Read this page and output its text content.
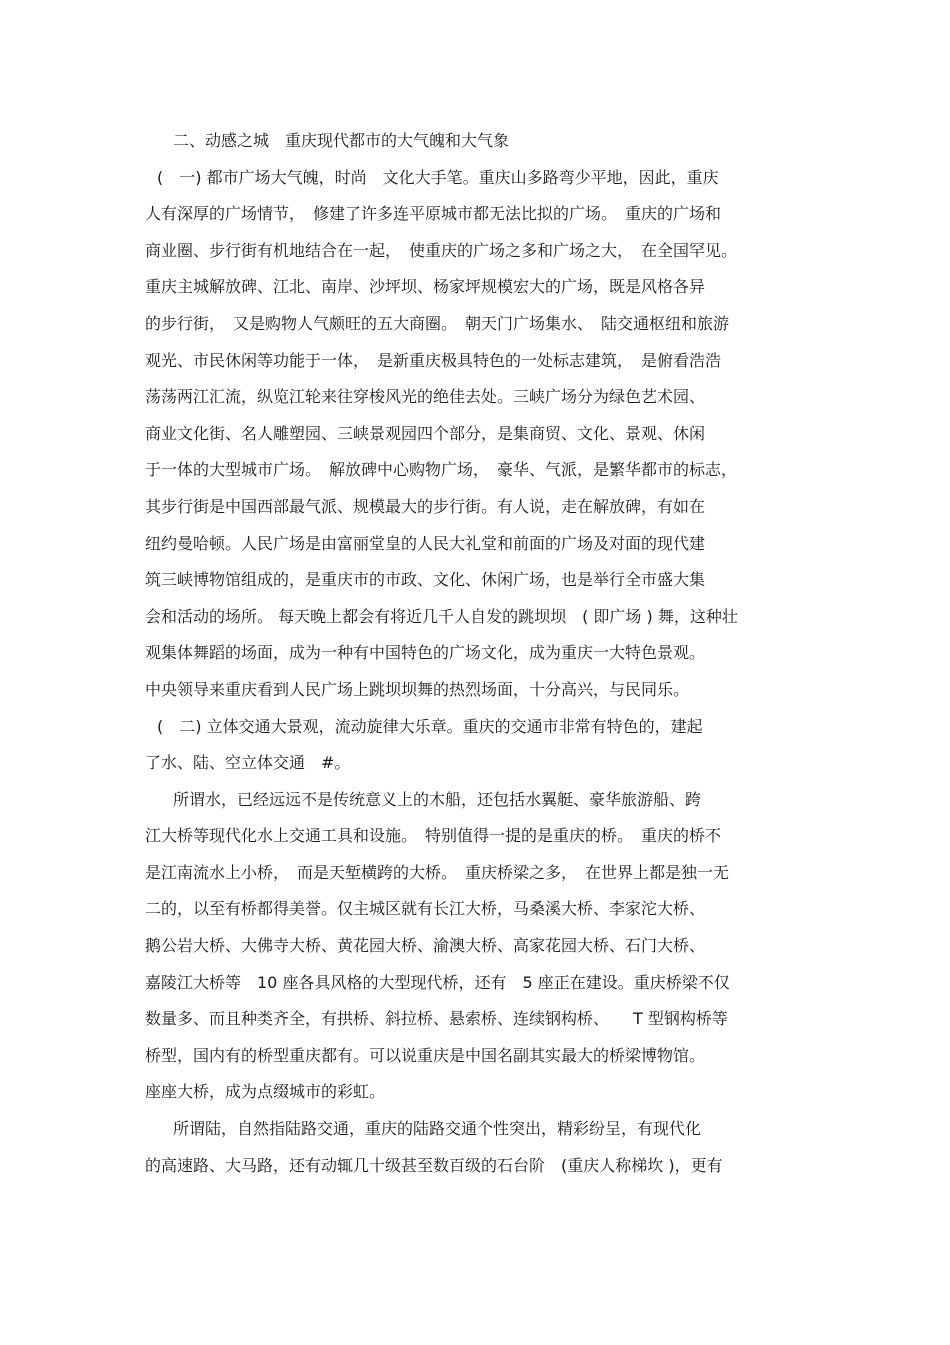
二、动感之城　重庆现代都市的大气魄和大气象
(　一) 都市广场大气魄，时尚　文化大手笔。重庆山多路弯少平地，因此，重庆
人有深厚的广场情节，　修建了许多连平原城市都无法比拟的广场。　重庆的广场和
商业圈、步行街有机地结合在一起，　使重庆的广场之多和广场之大，　在全国罕见。
重庆主城解放碑、江北、南岸、沙坪坝、杨家坪规模宏大的广场，既是风格各异
的步行街，　又是购物人气颇旺的五大商圈。　朝天门广场集水、　陆交通枢纽和旅游
观光、市民休闲等功能于一体，　是新重庆极具特色的一处标志建筑，　是俯看浩浩
荡荡两江汇流，纵览江轮来往穿梭风光的绝佳去处。三峡广场分为绿色艺术园、
商业文化街、名人雕塑园、三峡景观园四个部分，是集商贸、文化、景观、休闲
于一体的大型城市广场。　解放碑中心购物广场，　豪华、气派，是繁华都市的标志，
其步行街是中国西部最气派、规模最大的步行街。有人说，走在解放碑，有如在
纽约曼哈顿。人民广场是由富丽堂皇的人民大礼堂和前面的广场及对面的现代建
筑三峡博物馆组成的，是重庆市的市政、文化、休闲广场，也是举行全市盛大集
会和活动的场所。 每天晚上都会有将近几千人自发的跳坝坝　( 即广场 ) 舞，这种壮
观集体舞蹈的场面，成为一种有中国特色的广场文化，成为重庆一大特色景观。
中央领导来重庆看到人民广场上跳坝坝舞的热烈场面，十分高兴，与民同乐。
(　二) 立体交通大景观，流动旋律大乐章。重庆的交通市非常有特色的，建起
了水、陆、空立体交通　#。
所谓水，已经远远不是传统意义上的木船，还包括水翼艇、豪华旅游船、跨
江大桥等现代化水上交通工具和设施。　特别值得一提的是重庆的桥。　重庆的桥不
是江南流水上小桥，　而是天堑横跨的大桥。　重庆桥梁之多，　在世界上都是独一无
二的，以至有桥都得美誉。仅主城区就有长江大桥，马桑溪大桥、李家沱大桥、
鹅公岩大桥、大佛寺大桥、黄花园大桥、渝澳大桥、高家花园大桥、石门大桥、
嘉陵江大桥等　10 座各具风格的大型现代桥，还有　5 座正在建设。重庆桥梁不仅
数量多、而且种类齐全，有拱桥、斜拉桥、悬索桥、连续钢构桥、　　T 型钢构桥等
桥型，国内有的桥型重庆都有。可以说重庆是中国名副其实最大的桥梁博物馆。
座座大桥，成为点缀城市的彩虹。
所谓陆，自然指陆路交通，重庆的陆路交通个性突出，精彩纷呈，有现代化
的高速路、大马路，还有动辄几十级甚至数百级的石台阶　(重庆人称梯坎 )，更有
